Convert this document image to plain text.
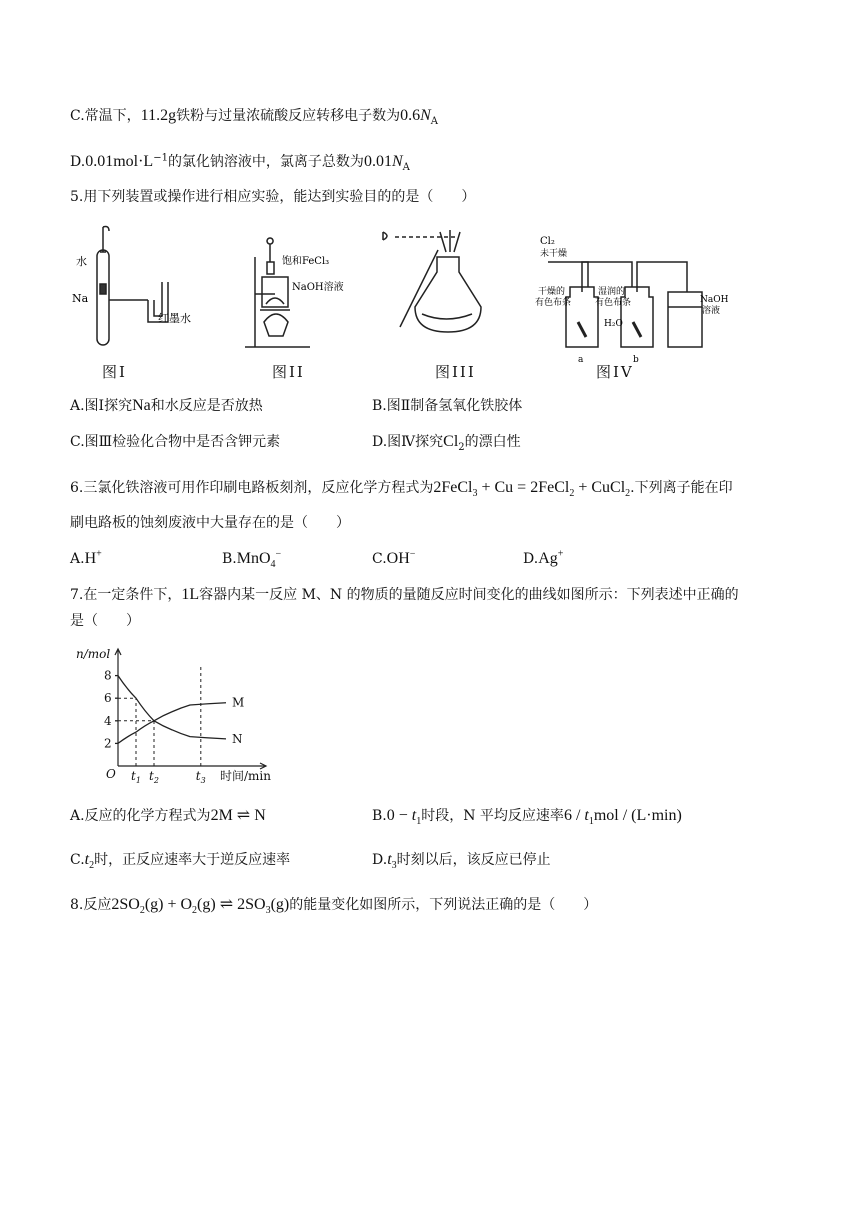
C.常温下，11.2g铁粉与过量浓硫酸反应转移电子数为$0.6N_A$
$D.0.01mol\cdot L^{-1}$的氯化钠溶液中，氯离子总数为$0.01N_A$
5.用下列装置或操作进行相应实验，能达到实验目的的是（　　）
水
Na
红墨水
饱和FeCl₃
NaOH溶液
Cl₂
未干燥
干燥的
有色布条
湿润的
有色布条
H₂O
NaOH
溶液
a	b
图Ⅰ	图II	图III	图IV
A.图Ⅰ探究Na和水反应是否放热	B.图Ⅱ制备氢氧化铁胶体
C.图Ⅲ检验化合物中是否含钾元素	D.图Ⅳ探究$Cl_2$的漂白性
6.三氯化铁溶液可用作印刷电路板刻剂，反应化学方程式为2FeCl$_3$ + Cu = 2FeCl$_2$ + CuCl$_2$.下列离子能在印
刷电路板的蚀刻废液中大量存在的是（　　）
A.H+	B.MnO$_4$−	C.OH−	D.Ag+
7.在一定条件下，1L容器内某一反应 M、N 的物质的量随反应时间变化的曲线如图所示：下列表述中正确的
是（　　）
M
N
2
4
6
8
$t_1$ $t_2$	$t_3$
O
n/mol
时间/min
A.反应的化学方程式为2M ⇌ N	$B.0 - t_1$时段，N 平均反应速率$6 / t_1mol / (L\cdot\min)$
$C.t_2$时，正反应速率大于逆反应速率	$D.t_3$时刻以后，该反应已停止
8.反应$2SO_2(g) + O_2(g)$ ⇌ $2SO_3(g)$的能量变化如图所示，下列说法正确的是（　　）
